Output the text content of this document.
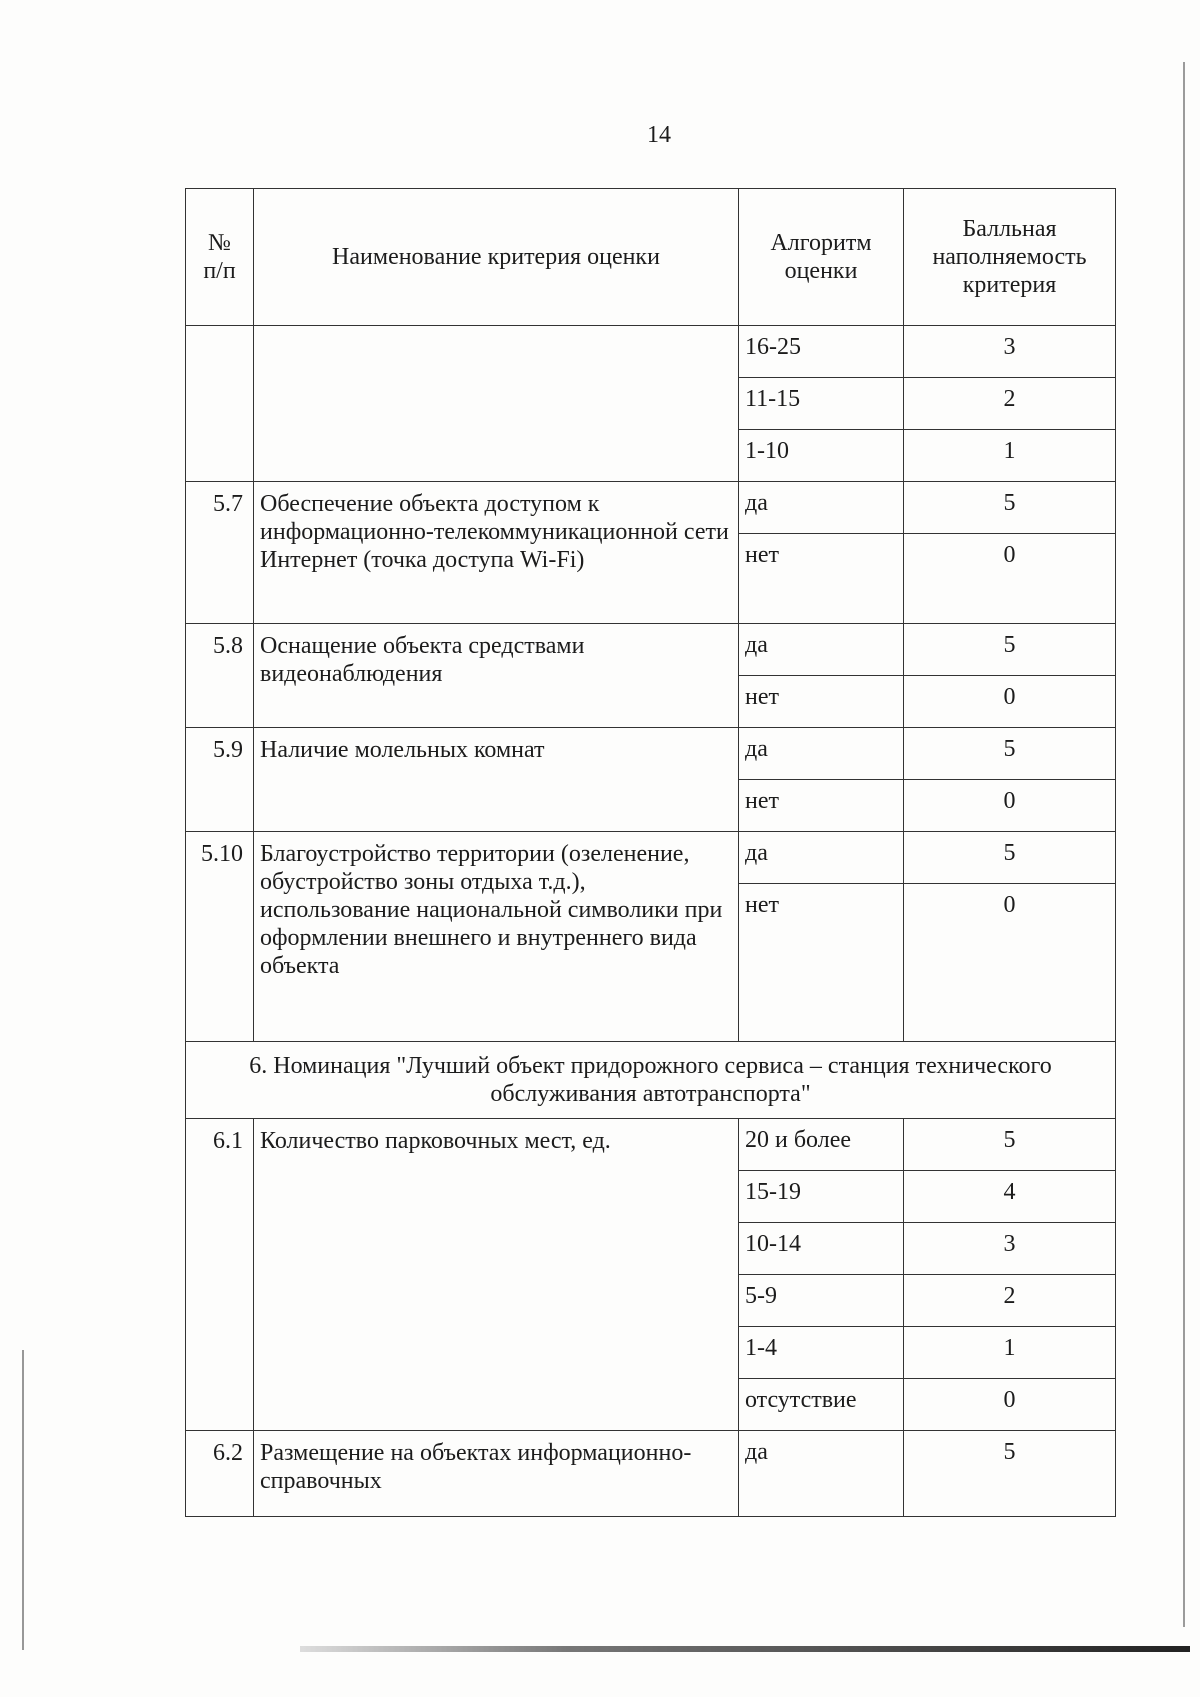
14
№ п/п	Наименование критерия оценки	Алгоритм оценки	Балльная наполняемость критерия
		16-25	3
		11-15	2
		1-10	1
5.7	Обеспечение объекта доступом к информационно-телекоммуникационной сети Интернет (точка доступа Wi-Fi)	да	5
		нет	0
5.8	Оснащение объекта средствами видеонаблюдения	да	5
		нет	0
5.9	Наличие молельных комнат	да	5
		нет	0
5.10	Благоустройство территории (озеленение, обустройство зоны отдыха т.д.), использование национальной символики при оформлении внешнего и внутреннего вида объекта	да	5
		нет	0
6. Номинация "Лучший объект придорожного сервиса – станция технического обслуживания автотранспорта"			
6.1	Количество парковочных мест, ед.	20 и более	5
		15-19	4
		10-14	3
		5-9	2
		1-4	1
		отсутствие	0
6.2	Размещение на объектах информационно-справочных	да	5
